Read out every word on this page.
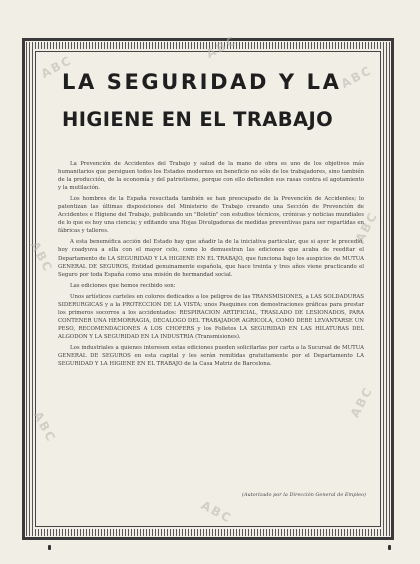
ABC
ABC
ABC
ABC
ABC
ABC
ABC
ABC
LA SEGURIDAD Y LA
HIGIENE EN EL TRABAJO

La Prevención de Accidentes del Trabajo y salud de la mano de obra es uno de los objetivos más humanitarios que persiguen todos los Estados modernos en beneficio no sólo de los trabajadores, sino también de la producción, de la economía y del patriotismo, porque con ello defienden sus rasas contra el agotamiento y la mutilación.

Los hombres de la España resucitada también se han preocupado de la Prevención de Accidentes; lo patentizan las últimas disposiciones del Ministerio de Trabajo creando una Sección de Prevención de Accidentes e Higiene del Trabajo, publicando un "Boletín" con estudios técnicos, crónicas y noticias mundiales de lo que es hoy una ciencia; y editando una Hojas Divulgadoras de medidas preventivas para ser repartidas en fábricas y talleres.

A esta beneméfica acción del Estado hay que añadir la de la iniciativa particular, que si ayer le precedió, hoy coadyuva a ella con el mayor celo, como lo demuestran las ediciones que acaba de reeditar el Departamento de LA SEGURIDAD Y LA HIGIENE EN EL TRABAJO, que funciona bajo los auspicios de MUTUA GENERAL DE SEGUROS, Entidad genuinamente española, que hace treinta y tres años viene practicando el Seguro por toda España como una misión de hermandad social.

Las ediciones que hemos recibido son:

Unos artísticos carteles en colores dedicados a los peligros de las TRANSMISIONES, a LAS SOLDADURAS SIDERURGICAS y a la PROTECCION DE LA VISTA; unos Pasquines con demostraciones gráficas para prestar los primeros socorros a los accidentados: RESPIRACION ARTIFICIAL, TRASLADO DE LESIONADOS, PARA CONTENER UNA HEMORRAGIA, DECALOGO DEL TRABAJADOR AGRICOLA, COMO DEBE LEVANTARSE UN PESO, RECOMENDACIONES A LOS CHOFERS y los Folletos LA SEGURIDAD EN LAS HILATURAS DEL ALGODON Y LA SEGURIDAD EN LA INDUSTRIA (Transmisiones).

Los industriales a quienes interesen estas ediciones pueden solicitarlas por carta a la Sucursal de MUTUA GENERAL DE SEGUROS en esta capital y les serán remitidas gratuitamente por el Departamento LA SEGURIDAD Y LA HIGIENE EN EL TRABAJO de la Casa Matriz de Barcelona.

(Autorizado por la Dirección General de Empleo)
